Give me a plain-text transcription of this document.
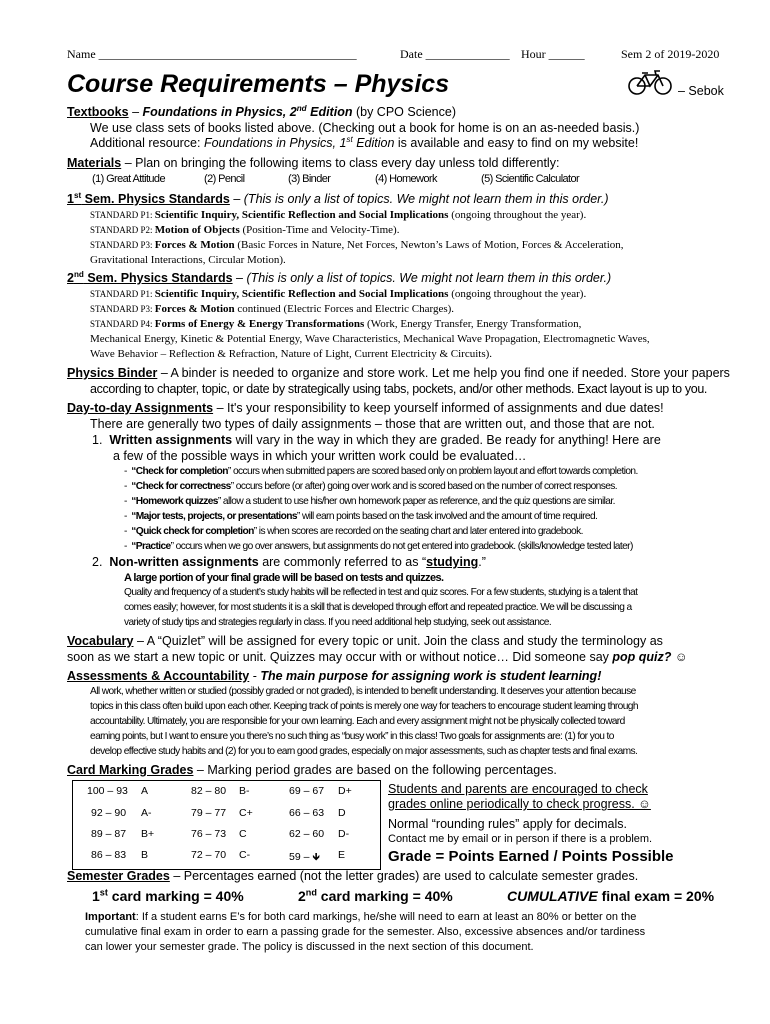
Name ___________________________________________	Date ______________ Hour ______	Sem 2 of 2019-2020
Course Requirements – Physics	– Sebok
Textbooks – Foundations in Physics, 2nd Edition (by CPO Science)
We use class sets of books listed above. (Checking out a book for home is on an as-needed basis.)
Additional resource: Foundations in Physics, 1st Edition is available and easy to find on my website!
Materials – Plan on bringing the following items to class every day unless told differently:
(1) Great Attitude	(2) Pencil	(3) Binder	(4) Homework	(5) Scientific Calculator
1st Sem. Physics Standards – (This is only a list of topics. We might not learn them in this order.)
STANDARD P1: Scientific Inquiry, Scientific Reflection and Social Implications (ongoing throughout the year).
STANDARD P2: Motion of Objects (Position-Time and Velocity-Time).
STANDARD P3: Forces & Motion (Basic Forces in Nature, Net Forces, Newton’s Laws of Motion, Forces & Acceleration,
Gravitational Interactions, Circular Motion).
2nd Sem. Physics Standards – (This is only a list of topics. We might not learn them in this order.)
STANDARD P1: Scientific Inquiry, Scientific Reflection and Social Implications (ongoing throughout the year).
STANDARD P3: Forces & Motion continued (Electric Forces and Electric Charges).
STANDARD P4: Forms of Energy & Energy Transformations (Work, Energy Transfer, Energy Transformation,
Mechanical Energy, Kinetic & Potential Energy, Wave Characteristics, Mechanical Wave Propagation, Electromagnetic Waves,
Wave Behavior – Reflection & Refraction, Nature of Light, Current Electricity & Circuits).
Physics Binder – A binder is needed to organize and store work. Let me help you find one if needed. Store your papers
according to chapter, topic, or date by strategically using tabs, pockets, and/or other methods. Exact layout is up to you.
Day-to-day Assignments – It's your responsibility to keep yourself informed of assignments and due dates!
There are generally two types of daily assignments – those that are written out, and those that are not.
1. Written assignments will vary in the way in which they are graded. Be ready for anything! Here are
a few of the possible ways in which your written work could be evaluated…
- “Check for completion” occurs when submitted papers are scored based only on problem layout and effort towards completion.
- “Check for correctness” occurs before (or after) going over work and is scored based on the number of correct responses.
- “Homework quizzes” allow a student to use his/her own homework paper as reference, and the quiz questions are similar.
- “Major tests, projects, or presentations” will earn points based on the task involved and the amount of time required.
- “Quick check for completion” is when scores are recorded on the seating chart and later entered into gradebook.
- “Practice” occurs when we go over answers, but assignments do not get entered into gradebook. (skills/knowledge tested later)
2. Non-written assignments are commonly referred to as “studying.”
A large portion of your final grade will be based on tests and quizzes.
Quality and frequency of a student’s study habits will be reflected in test and quiz scores. For a few students, studying is a talent that
comes easily; however, for most students it is a skill that is developed through effort and repeated practice. We will be discussing a
variety of study tips and strategies regularly in class. If you need additional help studying, seek out assistance.
Vocabulary – A “Quizlet” will be assigned for every topic or unit. Join the class and study the terminology as
soon as we start a new topic or unit. Quizzes may occur with or without notice… Did someone say pop quiz? ☺
Assessments & Accountability - The main purpose for assigning work is student learning!
All work, whether written or studied (possibly graded or not graded), is intended to benefit understanding. It deserves your attention because
topics in this class often build upon each other. Keeping track of points is merely one way for teachers to encourage student learning through
accountability. Ultimately, you are responsible for your own learning. Each and every assignment might not be physically collected toward
earning points, but I want to ensure you there’s no such thing as “busy work” in this class! Two goals for assignments are: (1) for you to
develop effective study habits and (2) for you to earn good grades, especially on major assessments, such as chapter tests and final exams.
Card Marking Grades – Marking period grades are based on the following percentages.
100 – 93 A	82 – 80 B-	69 – 67 D+
92 – 90 A-	79 – 77 C+	66 – 63 D
89 – 87 B+	76 – 73 C	62 – 60 D-
86 – 83 B	72 – 70 C-	59 – 🡻 E
Students and parents are encouraged to check
grades online periodically to check progress. ☺
Normal “rounding rules” apply for decimals.
Contact me by email or in person if there is a problem.
Grade = Points Earned / Points Possible
Semester Grades – Percentages earned (not the letter grades) are used to calculate semester grades.
1st card marking = 40%	2nd card marking = 40%	CUMULATIVE final exam = 20%
Important: If a student earns E’s for both card markings, he/she will need to earn at least an 80% or better on the
cumulative final exam in order to earn a passing grade for the semester. Also, excessive absences and/or tardiness
can lower your semester grade. The policy is discussed in the next section of this document.
